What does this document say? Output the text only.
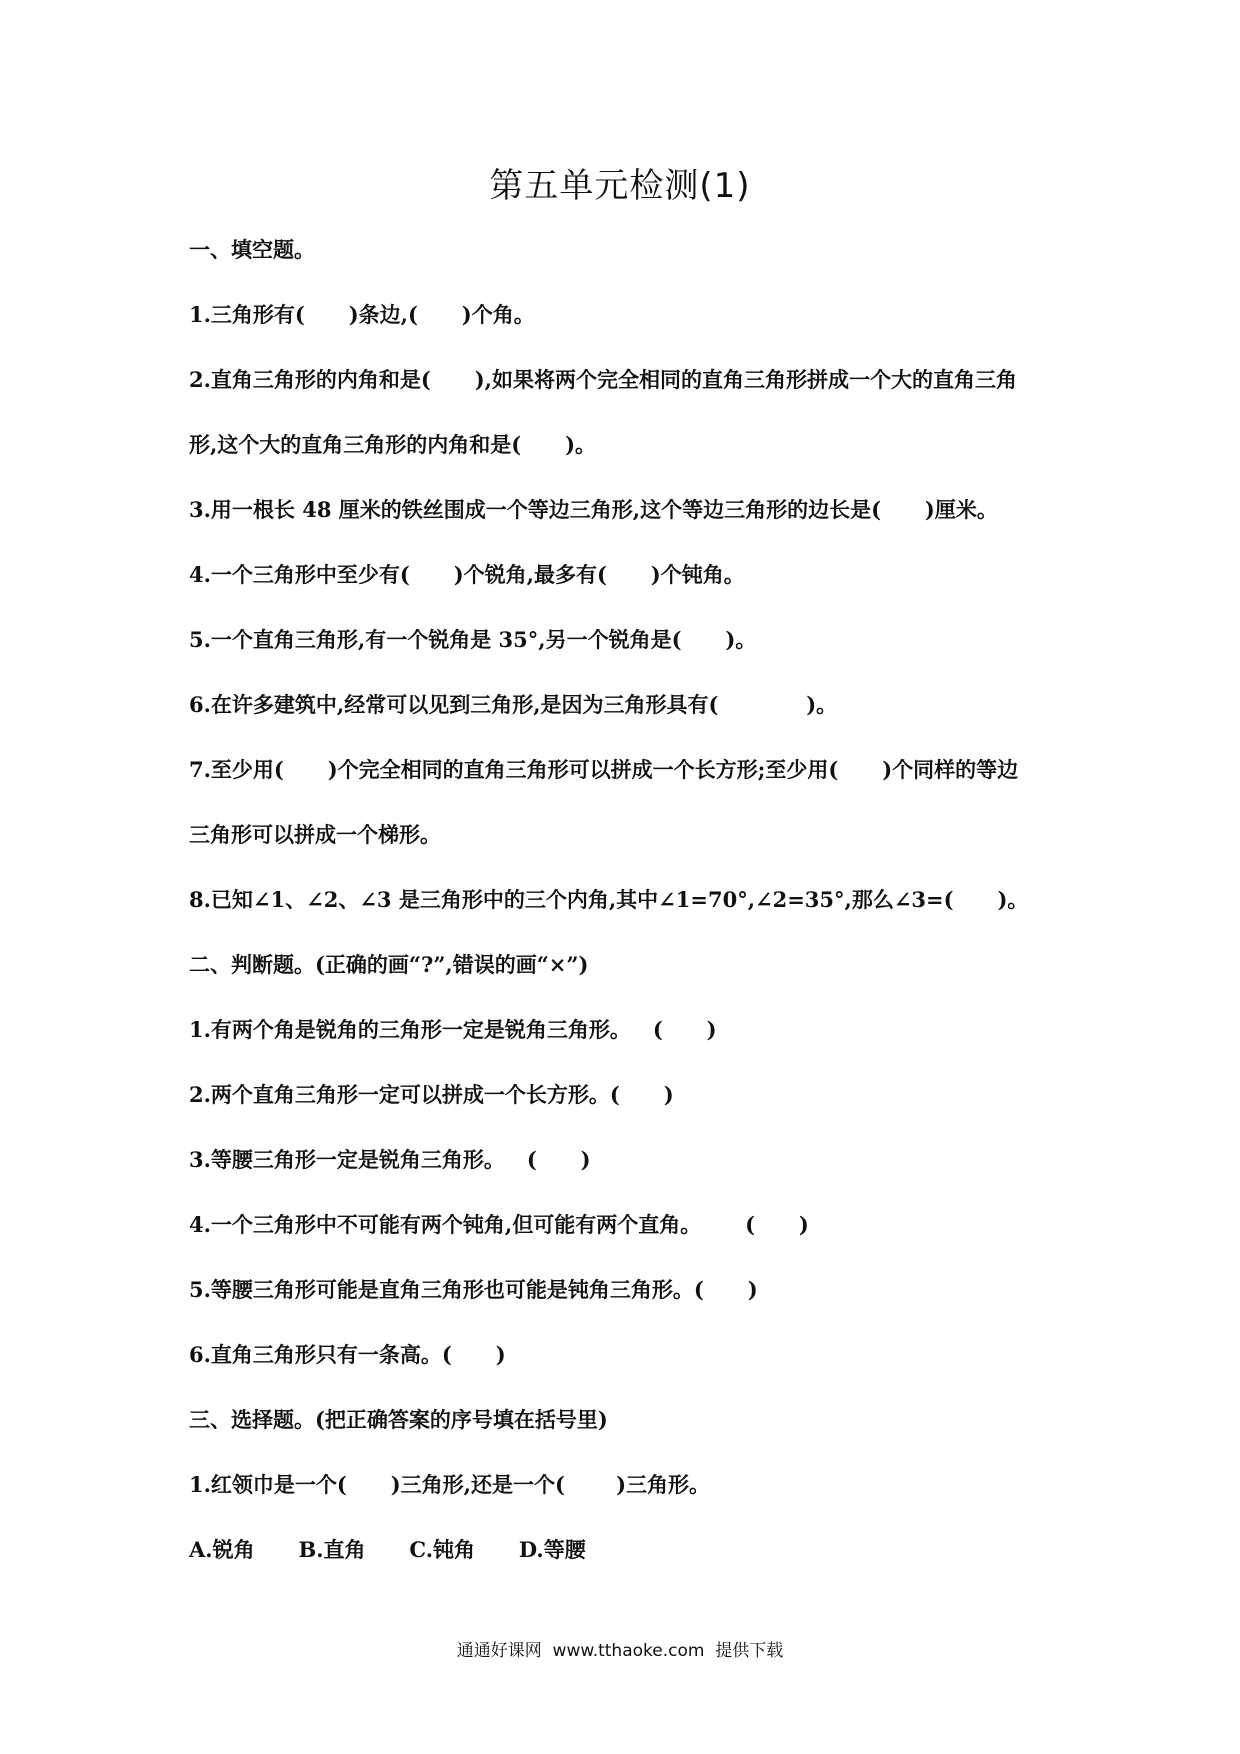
第五单元检测(1)
一、填空题。
1.三角形有(      )条边,(      )个角。
2.直角三角形的内角和是(      ),如果将两个完全相同的直角三角形拼成一个大的直角三角
形,这个大的直角三角形的内角和是(      )。
3.用一根长 48 厘米的铁丝围成一个等边三角形,这个等边三角形的边长是(      )厘米。
4.一个三角形中至少有(      )个锐角,最多有(      )个钝角。
5.一个直角三角形,有一个锐角是 35°,另一个锐角是(      )。
6.在许多建筑中,经常可以见到三角形,是因为三角形具有(            )。
7.至少用(      )个完全相同的直角三角形可以拼成一个长方形;至少用(      )个同样的等边
三角形可以拼成一个梯形。
8.已知∠1、∠2、∠3 是三角形中的三个内角,其中∠1=70°,∠2=35°,那么∠3=(      )。
二、判断题。(正确的画“?”,错误的画“×”)
1.有两个角是锐角的三角形一定是锐角三角形。   (      )
2.两个直角三角形一定可以拼成一个长方形。(      )
3.等腰三角形一定是锐角三角形。   (      )
4.一个三角形中不可能有两个钝角,但可能有两个直角。      (      )
5.等腰三角形可能是直角三角形也可能是钝角三角形。(      )
6.直角三角形只有一条高。(      )
三、选择题。(把正确答案的序号填在括号里)
1.红领巾是一个(      )三角形,还是一个(       )三角形。
A.锐角      B.直角      C.钝角      D.等腰
通通好课网  www.tthaoke.com  提供下载
